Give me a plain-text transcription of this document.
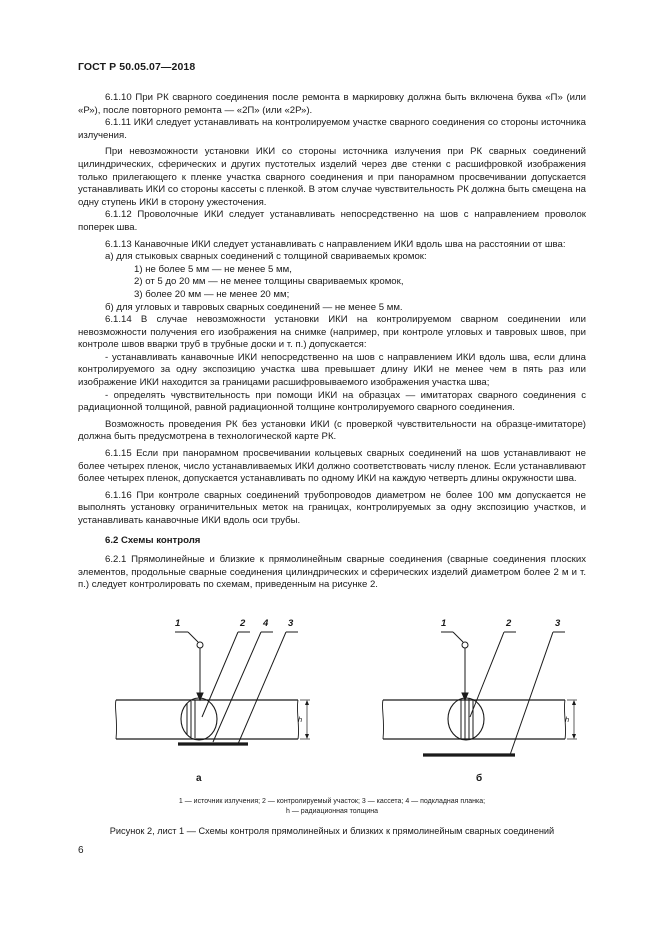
ГОСТ Р 50.05.07—2018

6.1.10 При РК сварного соединения после ремонта в маркировку должна быть включена буква «П» (или «Р»), после повторного ремонта — «2П» (или «2Р»).

6.1.11 ИКИ следует устанавливать на контролируемом участке сварного соединения со стороны источника излучения.

При невозможности установки ИКИ со стороны источника излучения при РК сварных соединений цилиндрических, сферических и других пустотелых изделий через две стенки с расшифровкой изображения только прилегающего к пленке участка сварного соединения и при панорамном просвечивании допускается устанавливать ИКИ со стороны кассеты с пленкой. В этом случае чувствительность РК должна быть смещена на одну ступень ИКИ в сторону ужесточения.

6.1.12 Проволочные ИКИ следует устанавливать непосредственно на шов с направлением проволок поперек шва.

6.1.13 Канавочные ИКИ следует устанавливать с направлением ИКИ вдоль шва на расстоянии от шва:

а) для стыковых сварных соединений с толщиной свариваемых кромок:

1) не более 5 мм — не менее 5 мм,

2) от 5 до 20 мм — не менее толщины свариваемых кромок,

3) более 20 мм — не менее 20 мм;

б) для угловых и тавровых сварных соединений — не менее 5 мм.

6.1.14 В случае невозможности установки ИКИ на контролируемом сварном соединении или невозможности получения его изображения на снимке (например, при контроле угловых и тавровых швов, при контроле швов вварки труб в трубные доски и т. п.) допускается:

- устанавливать канавочные ИКИ непосредственно на шов с направлением ИКИ вдоль шва, если длина контролируемого за одну экспозицию участка шва превышает длину ИКИ не менее чем в пять раз или изображение ИКИ находится за границами расшифровываемого изображения участка шва;

- определять чувствительность при помощи ИКИ на образцах — имитаторах сварного соединения с радиационной толщиной, равной радиационной толщине контролируемого сварного соединения.

Возможность проведения РК без установки ИКИ (с проверкой чувствительности на образце-имитаторе) должна быть предусмотрена в технологической карте РК.

6.1.15 Если при панорамном просвечивании кольцевых сварных соединений на шов устанавливают не более четырех пленок, число устанавливаемых ИКИ должно соответствовать числу пленок. Если устанавливают более четырех пленок, допускается устанавливать по одному ИКИ на каждую четверть длины окружности шва.

6.1.16 При контроле сварных соединений трубопроводов диаметром не более 100 мм допускается не выполнять установку ограничительных меток на границах, контролируемых за одну экспозицию участков, и устанавливать канавочные ИКИ вдоль оси трубы.

6.2 Схемы контроля

6.2.1 Прямолинейные и близкие к прямолинейным сварные соединения (сварные соединения плоских элементов, продольные сварные соединения цилиндрических и сферических изделий диаметром более 2 м и т. п.) следует контролировать по схемам, приведенным на рисунке 2.

1	2 4 3
h
а
1	2	3
h
б
1 — источник излучения; 2 — контролируемый участок; 3 — кассета; 4 — подкладная планка;
h — радиационная толщина
Рисунок 2, лист 1 — Схемы контроля прямолинейных и близких к прямолинейным сварных соединений
6
